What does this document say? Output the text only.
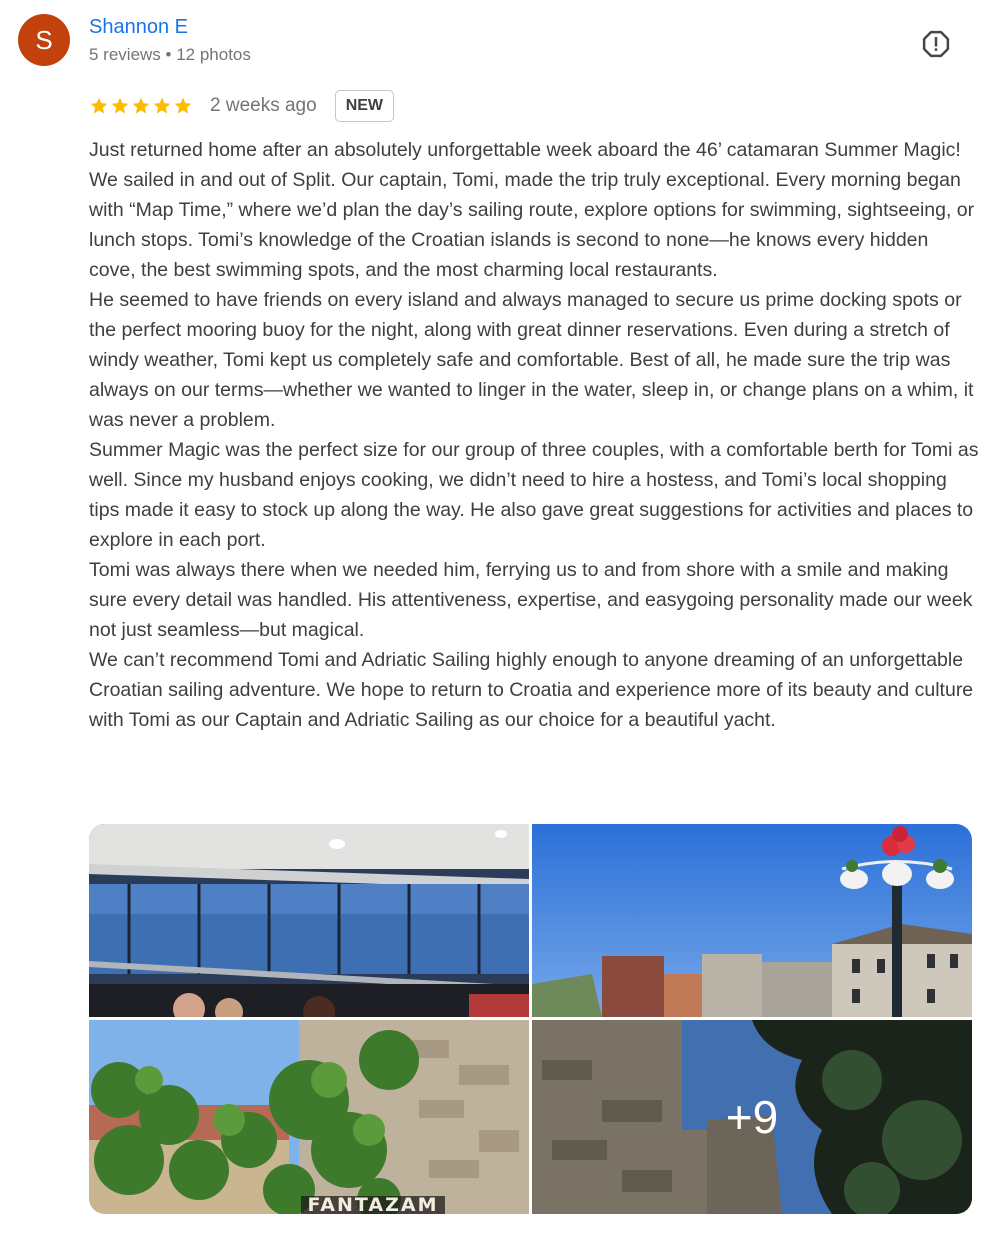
S	Shannon E
5 reviews • 12 photos
2 weeks ago	NEW

Just returned home after an absolutely unforgettable week aboard the 46’ catamaran Summer Magic! We sailed in and out of Split. Our captain, Tomi, made the trip truly exceptional. Every morning began with “Map Time,” where we’d plan the day’s sailing route, explore options for swimming, sightseeing, or lunch stops. Tomi’s knowledge of the Croatian islands is second to none—he knows every hidden cove, the best swimming spots, and the most charming local restaurants.

He seemed to have friends on every island and always managed to secure us prime docking spots or the perfect mooring buoy for the night, along with great dinner reservations. Even during a stretch of windy weather, Tomi kept us completely safe and comfortable. Best of all, he made sure the trip was always on our terms—whether we wanted to linger in the water, sleep in, or change plans on a whim, it was never a problem.

Summer Magic was the perfect size for our group of three couples, with a comfortable berth for Tomi as well. Since my husband enjoys cooking, we didn’t need to hire a hostess, and Tomi’s local shopping tips made it easy to stock up along the way. He also gave great suggestions for activities and places to explore in each port.

Tomi was always there when we needed him, ferrying us to and from shore with a smile and making sure every detail was handled. His attentiveness, expertise, and easygoing personality made our week not just seamless—but magical.

We can’t recommend Tomi and Adriatic Sailing highly enough to anyone dreaming of an unforgettable Croatian sailing adventure. We hope to return to Croatia and experience more of its beauty and culture with Tomi as our Captain and Adriatic Sailing as our choice for a beautiful yacht.

FANTAZAM
+9
